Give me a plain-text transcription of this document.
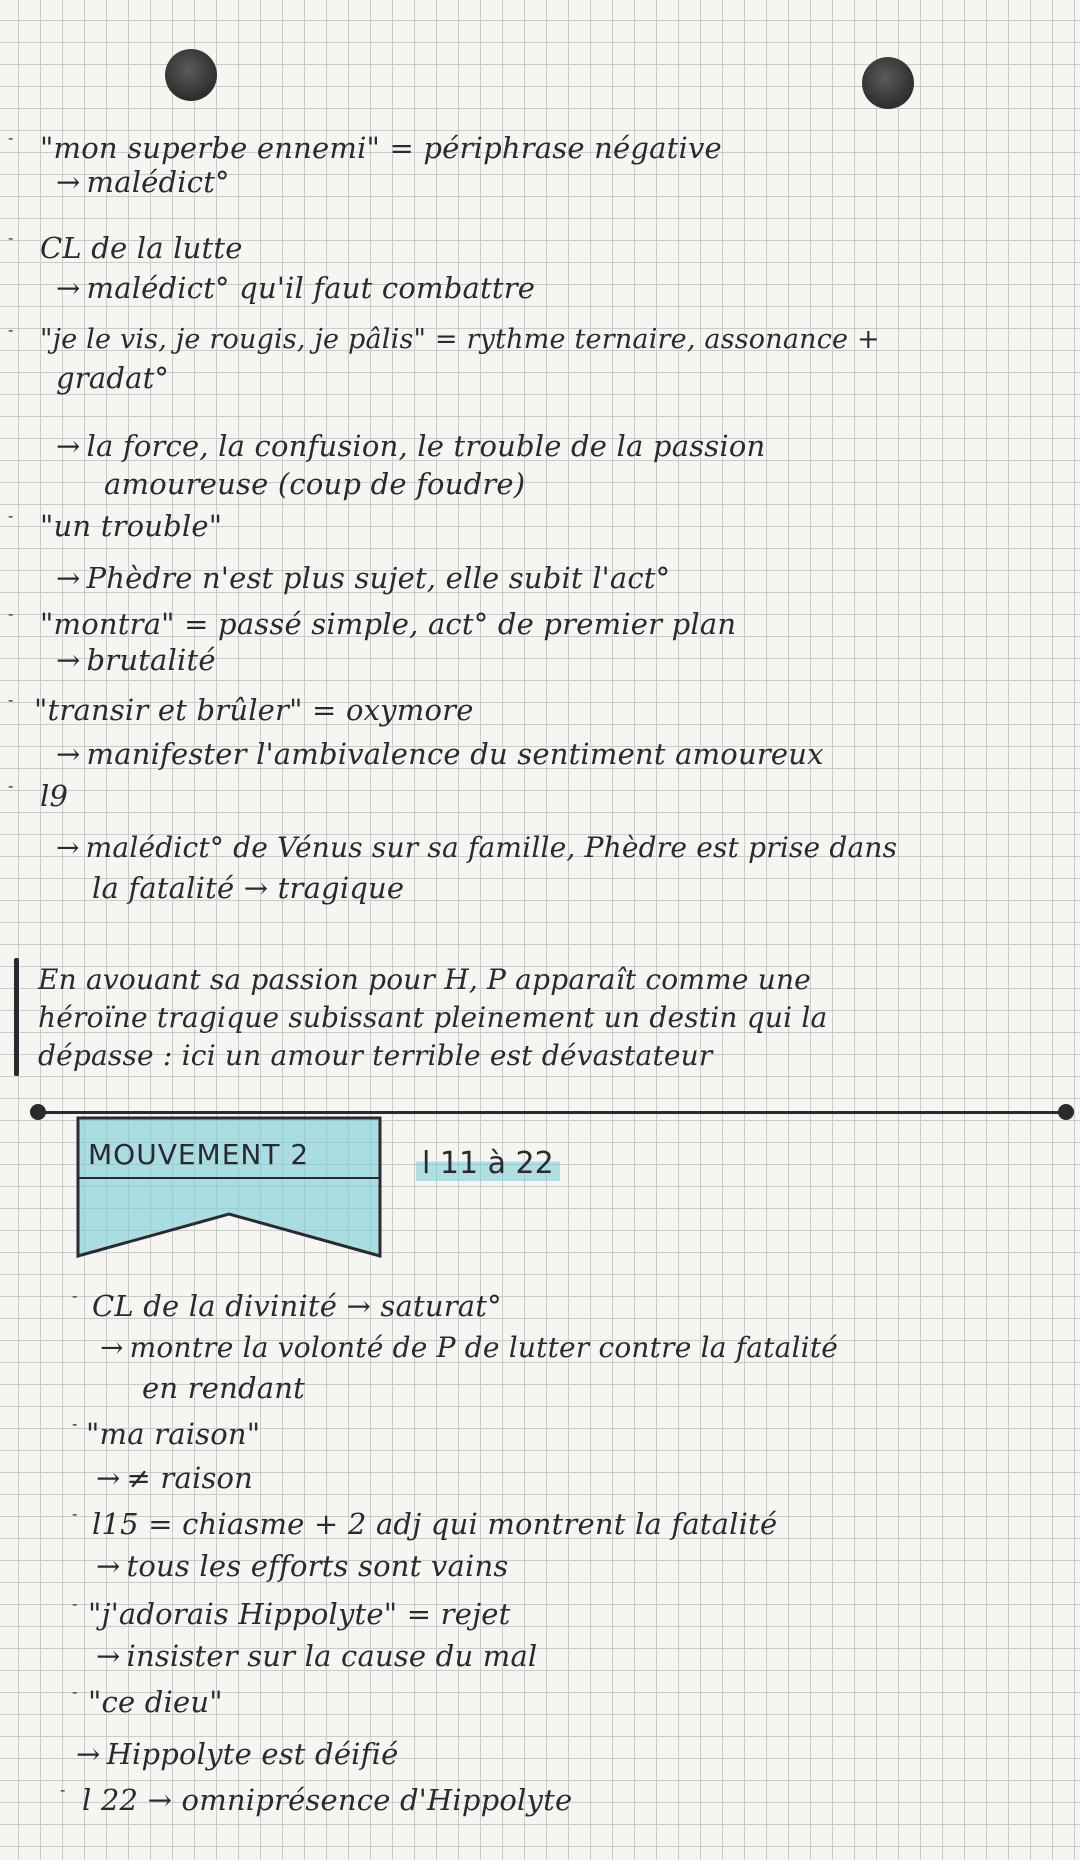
- "mon superbe ennemi" = périphrase négative

→ malédict°

- CL de la lutte

→ malédict° qu'il faut combattre

- "je le vis, je rougis, je pâlis" = rythme ternaire, assonance +

gradat°

→ la force, la confusion, le trouble de la passion

amoureuse (coup de foudre)

- "un trouble"

→ Phèdre n'est plus sujet, elle subit l'act°

- "montra" = passé simple, act° de premier plan

→ brutalité

- "transir et brûler" = oxymore

→ manifester l'ambivalence du sentiment amoureux

- l9

→ malédict° de Vénus sur sa famille, Phèdre est prise dans

la fatalité → tragique

En avouant sa passion pour H, P apparaît comme une

héroïne tragique subissant pleinement un destin qui la

dépasse : ici un amour terrible est dévastateur

MOUVEMENT 2	l 11 à 22

- CL de la divinité → saturat°

→ montre la volonté de P de lutter contre la fatalité

en rendant

- "ma raison"

→ ≠ raison

- l15 = chiasme + 2 adj qui montrent la fatalité

→ tous les efforts sont vains

- "j'adorais Hippolyte" = rejet

→ insister sur la cause du mal

- "ce dieu"

→ Hippolyte est déifié

- l 22 → omniprésence d'Hippolyte
